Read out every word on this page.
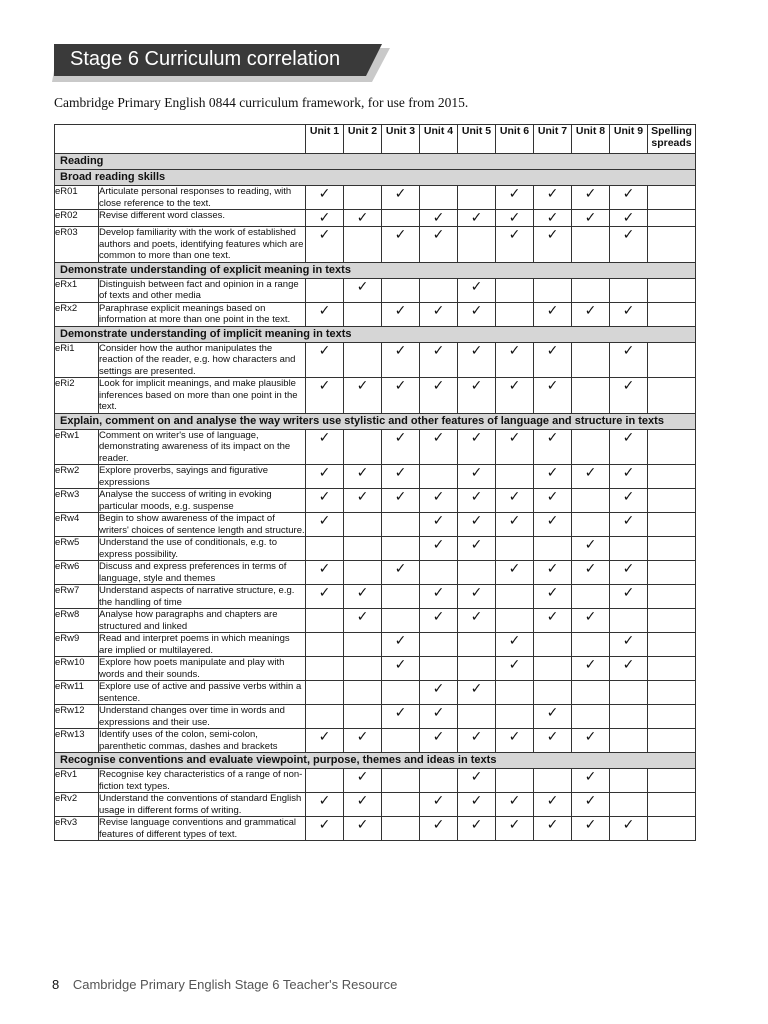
Stage 6 Curriculum correlation
Cambridge Primary English 0844 curriculum framework, for use from 2015.
		Unit 1	Unit 2	Unit 3	Unit 4	Unit 5	Unit 6	Unit 7	Unit 8	Unit 9	Spelling spreads
Reading											
Broad reading skills											
eR01	Articulate personal responses to reading, with close reference to the text.	✓		✓			✓	✓	✓	✓	
eR02	Revise different word classes.	✓	✓		✓	✓	✓	✓	✓	✓	
eR03	Develop familiarity with the work of established authors and poets, identifying features which are common to more than one text.	✓		✓	✓		✓	✓		✓	
Demonstrate understanding of explicit meaning in texts											
eRx1	Distinguish between fact and opinion in a range of texts and other media		✓			✓					
eRx2	Paraphrase explicit meanings based on information at more than one point in the text.	✓		✓	✓	✓		✓	✓	✓	
Demonstrate understanding of implicit meaning in texts											
eRi1	Consider how the author manipulates the reaction of the reader, e.g. how characters and settings are presented.	✓		✓	✓	✓	✓	✓		✓	
eRi2	Look for implicit meanings, and make plausible inferences based on more than one point in the text.	✓	✓	✓	✓	✓	✓	✓		✓	
Explain, comment on and analyse the way writers use stylistic and other features of language and structure in texts											
eRw1	Comment on writer's use of language, demonstrating awareness of its impact on the reader.	✓		✓	✓	✓	✓	✓		✓	
eRw2	Explore proverbs, sayings and figurative expressions	✓	✓	✓		✓		✓	✓	✓	
eRw3	Analyse the success of writing in evoking particular moods, e.g. suspense	✓	✓	✓	✓	✓	✓	✓		✓	
eRw4	Begin to show awareness of the impact of writers' choices of sentence length and structure.	✓			✓	✓	✓	✓		✓	
eRw5	Understand the use of conditionals, e.g. to express possibility.				✓	✓			✓		
eRw6	Discuss and express preferences in terms of language, style and themes	✓		✓			✓	✓	✓	✓	
eRw7	Understand aspects of narrative structure, e.g. the handling of time	✓	✓		✓	✓		✓		✓	
eRw8	Analyse how paragraphs and chapters are structured and linked		✓		✓	✓		✓	✓		
eRw9	Read and interpret poems in which meanings are implied or multilayered.			✓			✓			✓	
eRw10	Explore how poets manipulate and play with words and their sounds.			✓			✓		✓	✓	
eRw11	Explore use of active and passive verbs within a sentence.				✓	✓					
eRw12	Understand changes over time in words and expressions and their use.			✓	✓			✓			
eRw13	Identify uses of the colon, semi-colon, parenthetic commas, dashes and brackets	✓	✓		✓	✓	✓	✓	✓		
Recognise conventions and evaluate viewpoint, purpose, themes and ideas in texts											
eRv1	Recognise key characteristics of a range of non-fiction text types.		✓			✓			✓		
eRv2	Understand the conventions of standard English usage in different forms of writing.	✓	✓		✓	✓	✓	✓	✓		
eRv3	Revise language conventions and grammatical features of different types of text.	✓	✓		✓	✓	✓	✓	✓	✓	
8 Cambridge Primary English Stage 6 Teacher's Resource
